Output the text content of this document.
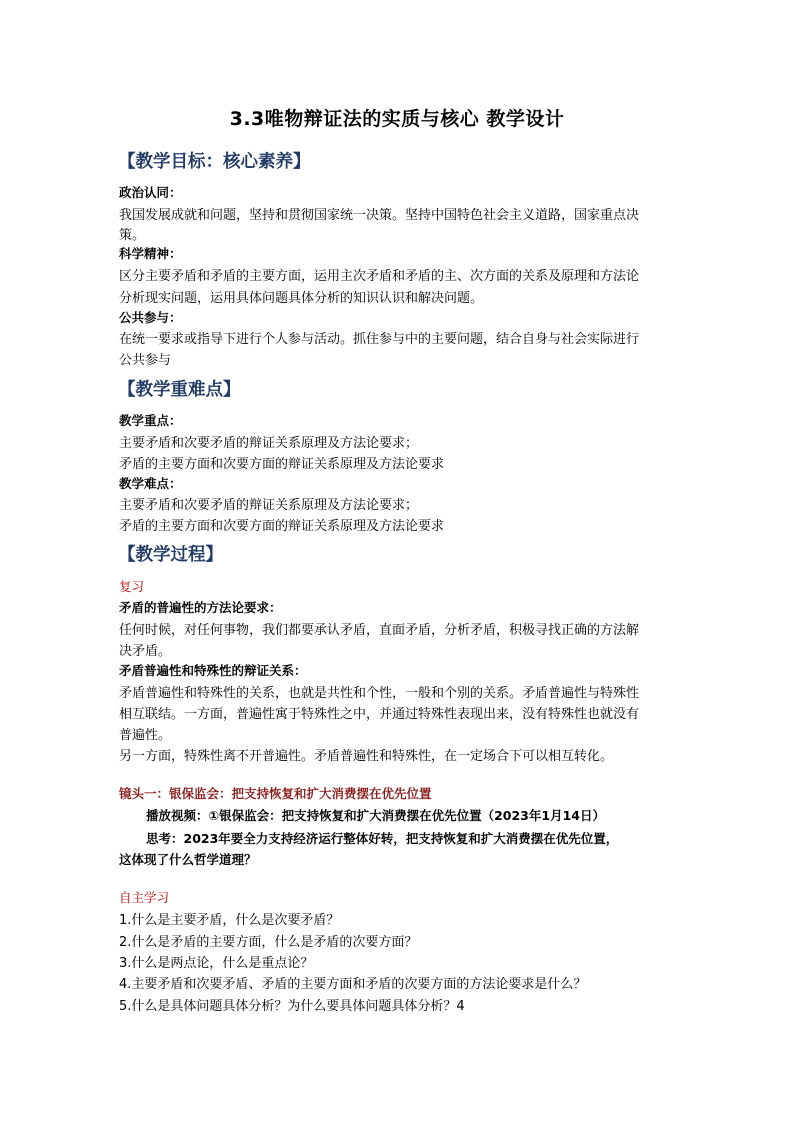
3.3唯物辩证法的实质与核心 教学设计
【教学目标：核心素养】
政治认同：
我国发展成就和问题，坚持和贯彻国家统一决策。坚持中国特色社会主义道路，国家重点决
策。
科学精神：
区分主要矛盾和矛盾的主要方面，运用主次矛盾和矛盾的主、次方面的关系及原理和方法论
分析现实问题，运用具体问题具体分析的知识认识和解决问题。
公共参与：
在统一要求或指导下进行个人参与活动。抓住参与中的主要问题，结合自身与社会实际进行
公共参与
【教学重难点】
教学重点：
主要矛盾和次要矛盾的辩证关系原理及方法论要求；
矛盾的主要方面和次要方面的辩证关系原理及方法论要求
教学难点：
主要矛盾和次要矛盾的辩证关系原理及方法论要求；
矛盾的主要方面和次要方面的辩证关系原理及方法论要求
【教学过程】
复习
矛盾的普遍性的方法论要求：
任何时候，对任何事物，我们都要承认矛盾，直面矛盾，分析矛盾，积极寻找正确的方法解
决矛盾。
矛盾普遍性和特殊性的辩证关系：
矛盾普遍性和特殊性的关系，也就是共性和个性，一般和个别的关系。矛盾普遍性与特殊性
相互联结。一方面，普遍性寓于特殊性之中，并通过特殊性表现出来，没有特殊性也就没有
普遍性。
另一方面，特殊性离不开普遍性。矛盾普遍性和特殊性，在一定场合下可以相互转化。
镜头一：银保监会：把支持恢复和扩大消费摆在优先位置
播放视频：①银保监会：把支持恢复和扩大消费摆在优先位置（2023年1月14日）
思考：2023年要全力支持经济运行整体好转，把支持恢复和扩大消费摆在优先位置，
这体现了什么哲学道理？
自主学习
1.什么是主要矛盾，什么是次要矛盾？
2.什么是矛盾的主要方面，什么是矛盾的次要方面？
3.什么是两点论，什么是重点论？
4.主要矛盾和次要矛盾、矛盾的主要方面和矛盾的次要方面的方法论要求是什么？
5.什么是具体问题具体分析？为什么要具体问题具体分析？4
